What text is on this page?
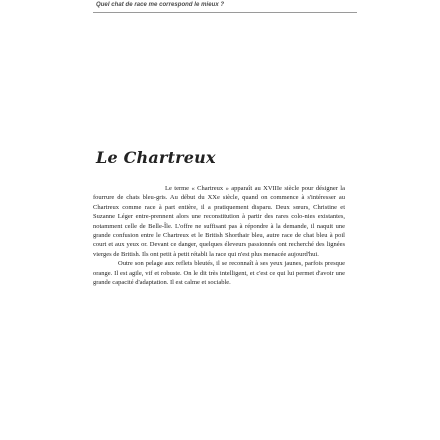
Quel chat de race me correspond le mieux ?
Le Chartreux

Le terme « Chartreux » apparaît au XVIIIe siècle pour désigner la fourrure de chats bleu-gris. Au début du XXe siècle, quand on commence à s'intéresser au Chartreux comme race à part entière, il a pratiquement disparu. Deux sœurs, Christine et Suzanne Léger entre-prennent alors une reconstitution à partir des rares colo-nies existantes, notamment celle de Belle-Île. L'offre ne suffisant pas à répondre à la demande, il naquit une grande confusion entre le Chartreux et le British Shorthair bleu, autre race de chat bleu à poil court et aux yeux or. Devant ce danger, quelques éleveurs passionnés ont recherché des lignées vierges de British. Ils ont petit à petit rétabli la race qui n'est plus menacée aujourd'hui.

Outre son pelage aux reflets bleutés, il se reconnaît à ses yeux jaunes, parfois presque orange. Il est agile, vif et robuste. On le dit très intelligent, et c'est ce qui lui permet d'avoir une grande capacité d'adaptation. Il est calme et sociable.
